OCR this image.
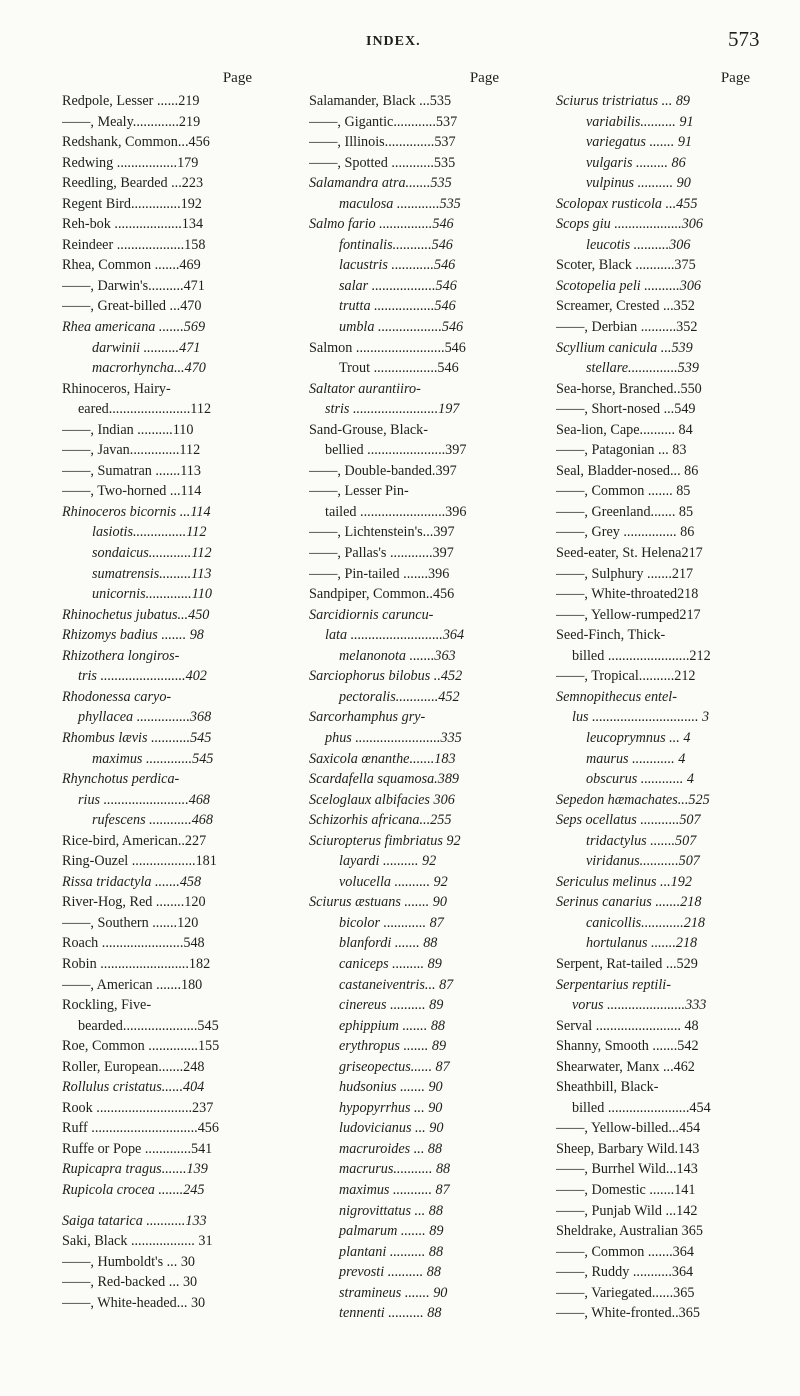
INDEX.	573
Page
Redpole, Lesser ......219
——, Mealy.............219
Redshank, Common...456
Redwing .................179
Reedling, Bearded ...223
Regent Bird..............192
Reh-bok ...................134
Reindeer ...................158
Rhea, Common .......469
——, Darwin's..........471
——, Great-billed ...470
Rhea americana .......569
darwinii ..........471
macrorhyncha...470
Rhinoceros, Hairy-
eared.......................112
——, Indian ..........110
——, Javan..............112
——, Sumatran .......113
——, Two-horned ...114
Rhinoceros bicornis ...114
lasiotis...............112
sondaicus............112
sumatrensis.........113
unicornis.............110
Rhinochetus jubatus...450
Rhizomys badius ....... 98
Rhizothera longiros-
tris ........................402
Rhodonessa caryo-
phyllacea ...............368
Rhombus lævis ...........545
maximus .............545
Rhynchotus perdica-
rius ........................468
rufescens ............468
Rice-bird, American..227
Ring-Ouzel ..................181
Rissa tridactyla .......458
River-Hog, Red ........120
——, Southern .......120
Roach .......................548
Robin .........................182
——, American .......180
Rockling, Five-
bearded.....................545
Roe, Common ..............155
Roller, European.......248
Rollulus cristatus......404
Rook ...........................237
Ruff ..............................456
Ruffe or Pope .............541
Rupicapra tragus.......139
Rupicola crocea .......245
Saiga tatarica ...........133
Saki, Black .................. 31
——, Humboldt's ... 30
——, Red-backed ... 30
——, White-headed... 30
Page
Salamander, Black ...535
——, Gigantic............537
——, Illinois..............537
——, Spotted ............535
Salamandra atra.......535
maculosa ............535
Salmo fario ...............546
fontinalis...........546
lacustris ............546
salar ..................546
trutta .................546
umbla ..................546
Salmon .........................546
Trout ..................546
Saltator aurantiiro-
stris ........................197
Sand-Grouse, Black-
bellied ......................397
——, Double-banded.397
——, Lesser Pin-
tailed ........................396
——, Lichtenstein's...397
——, Pallas's ............397
——, Pin-tailed .......396
Sandpiper, Common..456
Sarcidiornis caruncu-
lata ..........................364
melanonota .......363
Sarciophorus bilobus ..452
pectoralis............452
Sarcorhamphus gry-
phus ........................335
Saxicola œnanthe.......183
Scardafella squamosa.389
Sceloglaux albifacies 306
Schizorhis africana...255
Sciuropterus fimbriatus 92
layardi .......... 92
volucella .......... 92
Sciurus æstuans ....... 90
bicolor ............ 87
blanfordi ....... 88
caniceps ......... 89
castaneiventris... 87
cinereus .......... 89
ephippium ....... 88
erythropus ....... 89
griseopectus...... 87
hudsonius ....... 90
hypopyrrhus ... 90
ludovicianus ... 90
macruroides ... 88
macrurus........... 88
maximus ........... 87
nigrovittatus ... 88
palmarum ....... 89
plantani .......... 88
prevosti .......... 88
stramineus ....... 90
tennenti .......... 88
Page
Sciurus tristriatus ... 89
variabilis.......... 91
variegatus ....... 91
vulgaris ......... 86
vulpinus .......... 90
Scolopax rusticola ...455
Scops giu ...................306
leucotis ..........306
Scoter, Black ...........375
Scotopelia peli ..........306
Screamer, Crested ...352
——, Derbian ..........352
Scyllium canicula ...539
stellare..............539
Sea-horse, Branched..550
——, Short-nosed ...549
Sea-lion, Cape.......... 84
——, Patagonian ... 83
Seal, Bladder-nosed... 86
——, Common ....... 85
——, Greenland....... 85
——, Grey ............... 86
Seed-eater, St. Helena217
——, Sulphury .......217
——, White-throated218
——, Yellow-rumped217
Seed-Finch, Thick-
billed .......................212
——, Tropical..........212
Semnopithecus entel-
lus .............................. 3
leucoprymnus ... 4
maurus ............ 4
obscurus ............ 4
Sepedon hæmachates...525
Seps ocellatus ...........507
tridactylus .......507
viridanus...........507
Sericulus melinus ...192
Serinus canarius .......218
canicollis............218
hortulanus .......218
Serpent, Rat-tailed ...529
Serpentarius reptili-
vorus ......................333
Serval ........................ 48
Shanny, Smooth .......542
Shearwater, Manx ...462
Sheathbill, Black-
billed .......................454
——, Yellow-billed...454
Sheep, Barbary Wild.143
——, Burrhel Wild...143
——, Domestic .......141
——, Punjab Wild ...142
Sheldrake, Australian 365
——, Common .......364
——, Ruddy ...........364
——, Variegated......365
——, White-fronted..365
